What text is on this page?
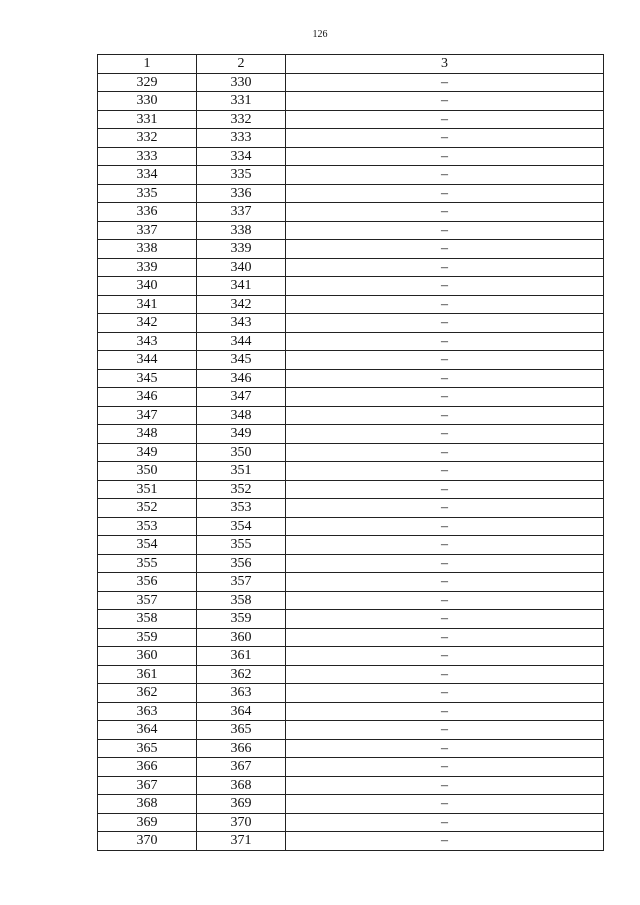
126
1	2	3
329	330	–
330	331	–
331	332	–
332	333	–
333	334	–
334	335	–
335	336	–
336	337	–
337	338	–
338	339	–
339	340	–
340	341	–
341	342	–
342	343	–
343	344	–
344	345	–
345	346	–
346	347	–
347	348	–
348	349	–
349	350	–
350	351	–
351	352	–
352	353	–
353	354	–
354	355	–
355	356	–
356	357	–
357	358	–
358	359	–
359	360	–
360	361	–
361	362	–
362	363	–
363	364	–
364	365	–
365	366	–
366	367	–
367	368	–
368	369	–
369	370	–
370	371	–
